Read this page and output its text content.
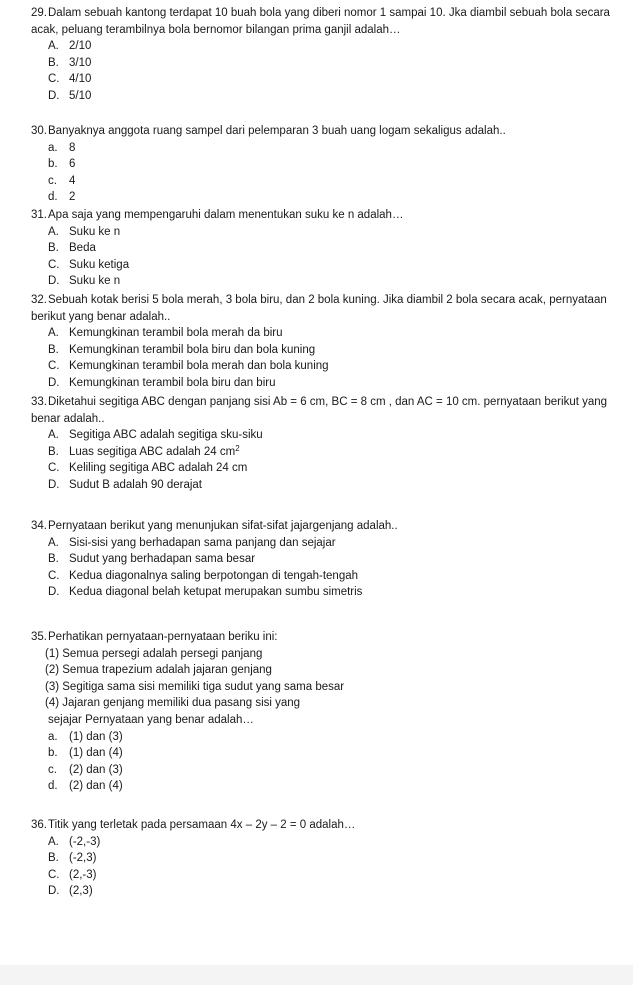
29.Dalam sebuah kantong terdapat 10 buah bola yang diberi nomor 1 sampai 10. Jka diambil sebuah bola secara acak, peluang terambilnya bola bernomor bilangan prima ganjil adalah…
A. 2/10
B. 3/10
C. 4/10
D. 5/10
30.Banyaknya anggota ruang sampel dari pelemparan 3 buah uang logam sekaligus adalah..
a. 8
b. 6
c. 4
d. 2
31.Apa saja yang mempengaruhi dalam menentukan suku ke n adalah…
A. Suku ke n
B. Beda
C. Suku ketiga
D. Suku ke n
32.Sebuah kotak berisi 5 bola merah, 3 bola biru, dan 2 bola kuning. Jika diambil 2 bola secara acak, pernyataan berikut yang benar adalah..
A. Kemungkinan terambil bola merah da biru
B. Kemungkinan terambil bola biru dan bola kuning
C. Kemungkinan terambil bola merah dan bola kuning
D. Kemungkinan terambil bola biru dan biru
33.Diketahui segitiga ABC dengan panjang sisi Ab = 6 cm, BC = 8 cm , dan AC = 10 cm. pernyataan berikut yang benar adalah..
A. Segitiga ABC adalah segitiga sku-siku
B. Luas segitiga ABC adalah 24 $cm^2$
C. Keliling segitiga ABC adalah 24 cm
D. Sudut B adalah 90 derajat
34.Pernyataan berikut yang menunjukan sifat-sifat jajargenjang adalah..
A. Sisi-sisi yang berhadapan sama panjang dan sejajar
B. Sudut yang berhadapan sama besar
C. Kedua diagonalnya saling berpotongan di tengah-tengah
D. Kedua diagonal belah ketupat merupakan sumbu simetris
35.Perhatikan pernyataan-pernyataan beriku ini:
(1) Semua persegi adalah persegi panjang
(2) Semua trapezium adalah jajaran genjang
(3) Segitiga sama sisi memiliki tiga sudut yang sama besar
(4) Jajaran genjang memiliki dua pasang sisi yang
sejajar Pernyataan yang benar adalah…
a. (1) dan (3)
b. (1) dan (4)
c. (2) dan (3)
d. (2) dan (4)
36.Titik yang terletak pada persamaan 4x – 2y – 2 = 0 adalah…
A. (-2,-3)
B. (-2,3)
C. (2,-3)
D. (2,3)
